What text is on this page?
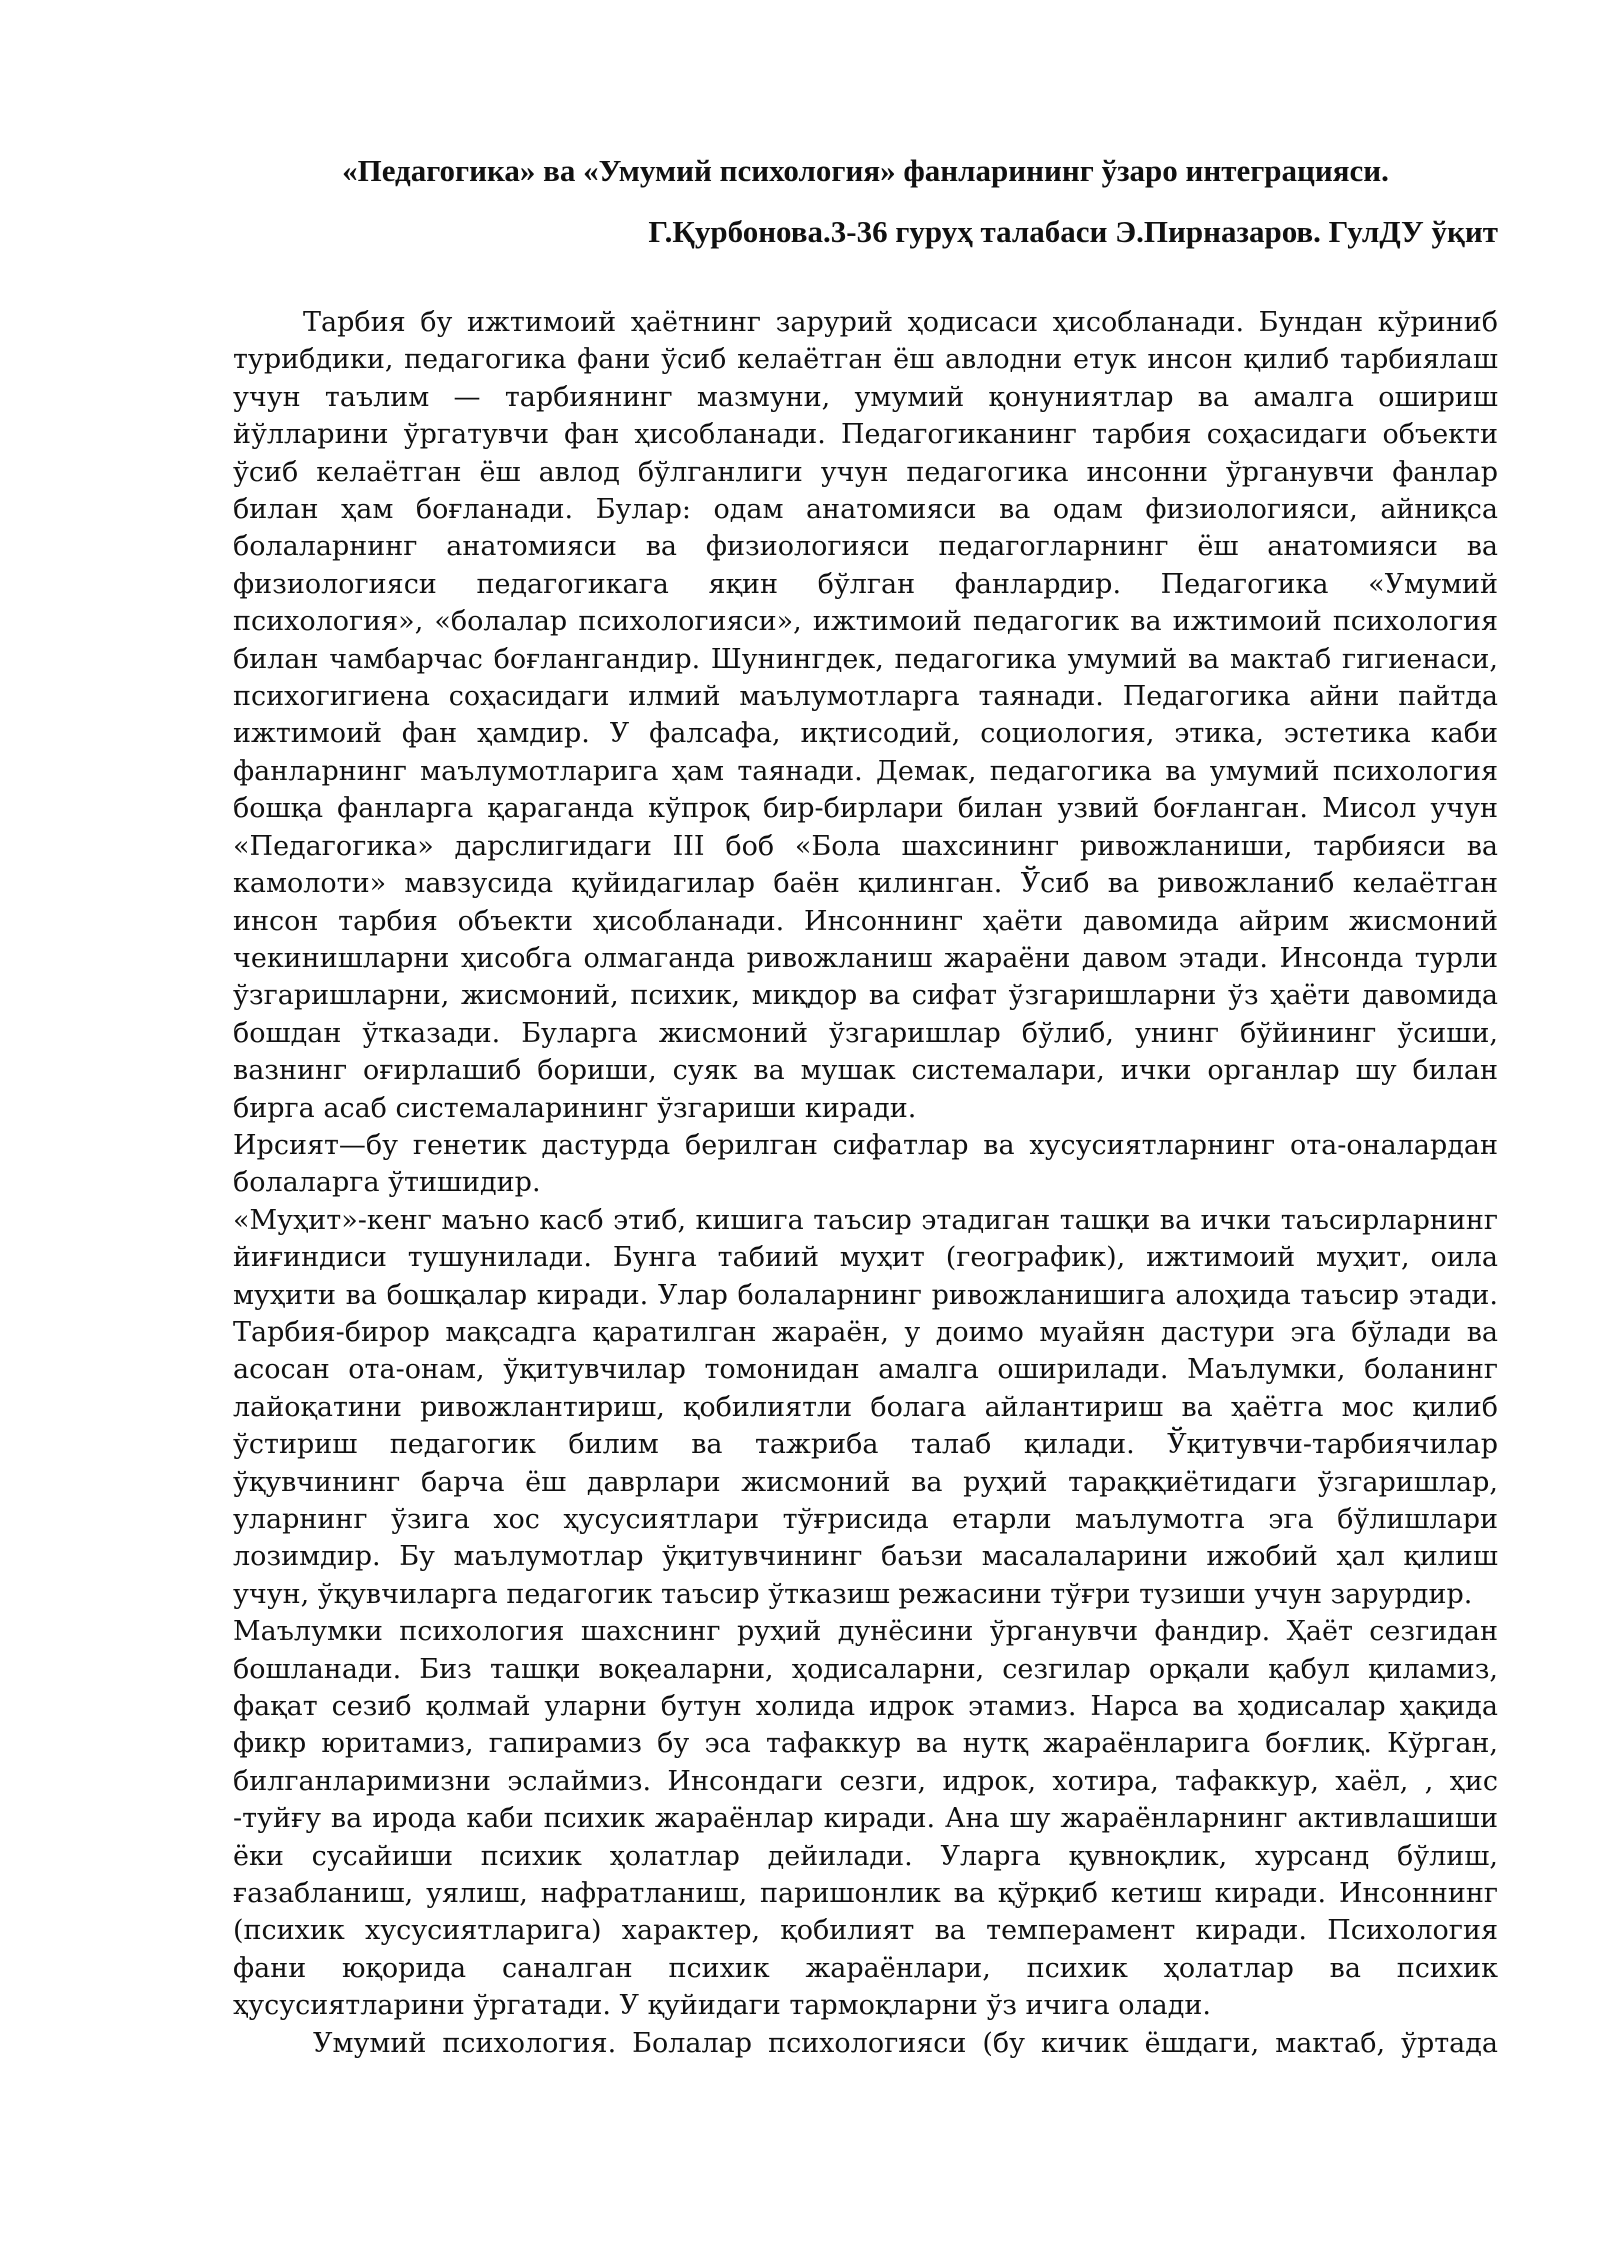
«Педагогика» ва «Умумий психология» фанларининг ўзаро интеграцияси.
Г.Қурбонова.3-36 гуруҳ талабаси Э.Пирназаров. ГулДУ ўқит

Тарбия бу ижтимоий ҳаётнинг зарурий ҳодисаси ҳисобланади. Бундан кўриниб турибдики, педагогика фани ўсиб келаётган ёш авлодни етук инсон қилиб тарбиялаш учун таълим — тарбиянинг мазмуни, умумий қонуниятлар ва амалга ошириш йўлларини ўргатувчи фан ҳисобланади. Педагогиканинг тарбия соҳасидаги объекти ўсиб келаётган ёш авлод бўлганлиги учун педагогика инсонни ўрганувчи фанлар билан ҳам боғланади. Булар: одам анатомияси ва одам физиологияси, айниқса болаларнинг анатомияси ва физиологияси педагогларнинг ёш анатомияси ва физиологияси педагогикага яқин бўлган фанлардир. Педагогика «Умумий психология», «болалар психологияси», ижтимоий педагогик ва ижтимоий психология билан чамбарчас боғлангандир. Шунингдек, педагогика умумий ва мактаб гигиенаси, психогигиена соҳасидаги илмий маълумотларга таянади. Педагогика айни пайтда ижтимоий фан ҳамдир. У фалсафа, иқтисодий, социология, этика, эстетика каби фанларнинг маълумотларига ҳам таянади. Демак, педагогика ва умумий психология бошқа фанларга қараганда кўпроқ бир-бирлари билан узвий боғланган. Мисол учун «Педагогика» дарслигидаги III боб «Бола шахсининг ривожланиши, тарбияси ва камолоти» мавзусида қуйидагилар баён қилинган. Ўсиб ва ривожланиб келаётган инсон тарбия объекти ҳисобланади. Инсоннинг ҳаёти давомида айрим жисмоний чекинишларни ҳисобга олмаганда ривожланиш жараёни давом этади. Инсонда турли ўзгаришларни, жисмоний, психик, миқдор ва сифат ўзгаришларни ўз ҳаёти давомида бошдан ўтказади. Буларга жисмоний ўзгаришлар бўлиб, унинг бўйининг ўсиши, вазнинг оғирлашиб бориши, суяк ва мушак системалари, ички органлар шу билан бирга асаб системаларининг ўзгариши киради.

Ирсият—бу генетик дастурда берилган сифатлар ва хусусиятларнинг ота-оналардан болаларга ўтишидир.

«Муҳит»-кенг маъно касб этиб, кишига таъсир этадиган ташқи ва ички таъсирларнинг йиғиндиси тушунилади. Бунга табиий муҳит (географик), ижтимоий муҳит, оила муҳити ва бошқалар киради. Улар болаларнинг ривожланишига алоҳида таъсир этади. Тарбия-бирор мақсадга қаратилган жараён, у доимо муайян дастури эга бўлади ва асосан ота-онам, ўқитувчилар томонидан амалга оширилади. Маълумки, боланинг лайоқатини ривожлантириш, қобилиятли болага айлантириш ва ҳаётга мос қилиб ўстириш педагогик билим ва тажриба талаб қилади. Ўқитувчи-тарбиячилар ўқувчининг барча ёш даврлари жисмоний ва руҳий тараққиётидаги ўзгаришлар, уларнинг ўзига хос ҳусусиятлари тўғрисида етарли маълумотга эга бўлишлари лозимдир. Бу маълумотлар ўқитувчининг баъзи масалаларини ижобий ҳал қилиш учун, ўқувчиларга педагогик таъсир ўтказиш режасини тўғри тузиши учун зарурдир.

Маълумки психология шахснинг руҳий дунёсини ўрганувчи фандир. Ҳаёт сезгидан бошланади. Биз ташқи воқеаларни, ҳодисаларни, сезгилар орқали қабул қиламиз, фақат сезиб қолмай уларни бутун холида идрок этамиз. Нарса ва ҳодисалар ҳақида фикр юритамиз, гапирамиз бу эса тафаккур ва нутқ жараёнларига боғлиқ. Кўрган, билганларимизни эслаймиз. Инсондаги сезги, идрок, хотира, тафаккур, хаёл, , ҳис -туйғу ва ирода каби психик жараёнлар киради. Ана шу жараёнларнинг активлашиши ёки сусайиши психик ҳолатлар дейилади. Уларга қувноқлик, хурсанд бўлиш, ғазабланиш, уялиш, нафратланиш, паришонлик ва қўрқиб кетиш киради. Инсоннинг (психик хусусиятларига) характер, қобилият ва темперамент киради. Психология фани юқорида саналган психик жараёнлари, психик ҳолатлар ва психик ҳусусиятларини ўргатади. У қуйидаги тармоқларни ўз ичига олади.

Умумий психология. Болалар психологияси (бу кичик ёшдаги, мактаб, ўртада
